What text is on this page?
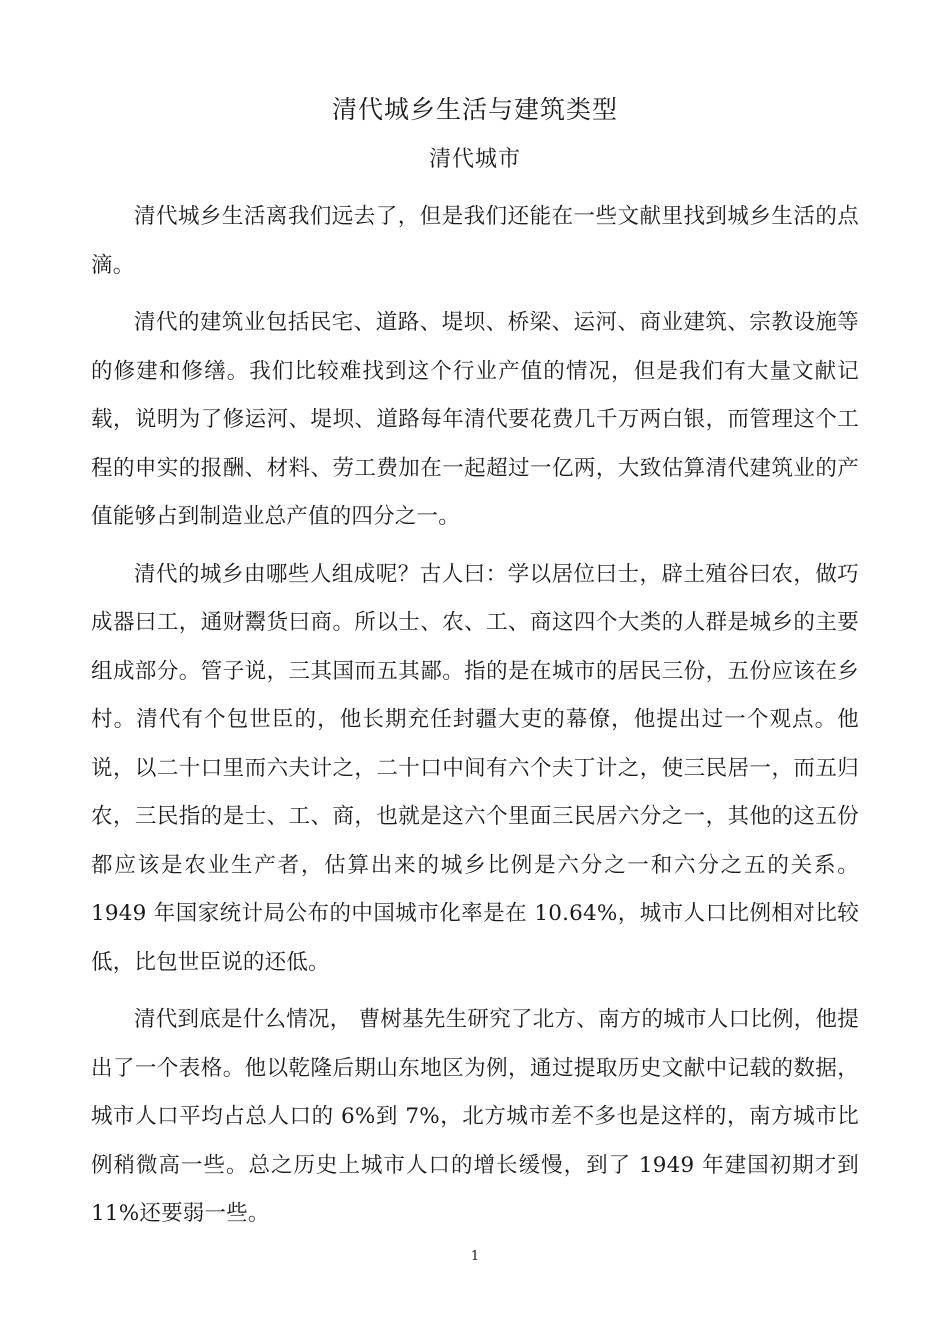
清代城乡生活与建筑类型
清代城市

清代城乡生活离我们远去了，但是我们还能在一些文献里找到城乡生活的点滴。

清代的建筑业包括民宅、道路、堤坝、桥梁、运河、商业建筑、宗教设施等的修建和修缮。我们比较难找到这个行业产值的情况，但是我们有大量文献记载，说明为了修运河、堤坝、道路每年清代要花费几千万两白银，而管理这个工程的申实的报酬、材料、劳工费加在一起超过一亿两，大致估算清代建筑业的产值能够占到制造业总产值的四分之一。

清代的城乡由哪些人组成呢？古人曰：学以居位曰士，辟土殖谷曰农，做巧成器曰工，通财鬻货曰商。所以士、农、工、商这四个大类的人群是城乡的主要组成部分。管子说，三其国而五其鄙。指的是在城市的居民三份，五份应该在乡村。清代有个包世臣的，他长期充任封疆大吏的幕僚，他提出过一个观点。他说，以二十口里而六夫计之，二十口中间有六个夫丁计之，使三民居一，而五归农，三民指的是士、工、商，也就是这六个里面三民居六分之一，其他的这五份都应该是农业生产者，估算出来的城乡比例是六分之一和六分之五的关系。1949 年国家统计局公布的中国城市化率是在 10.64%，城市人口比例相对比较低，比包世臣说的还低。

清代到底是什么情况， 曹树基先生研究了北方、南方的城市人口比例，他提出了一个表格。他以乾隆后期山东地区为例，通过提取历史文献中记载的数据，城市人口平均占总人口的 6%到 7%，北方城市差不多也是这样的，南方城市比例稍微高一些。总之历史上城市人口的增长缓慢，到了 1949 年建国初期才到 11%还要弱一些。

1
